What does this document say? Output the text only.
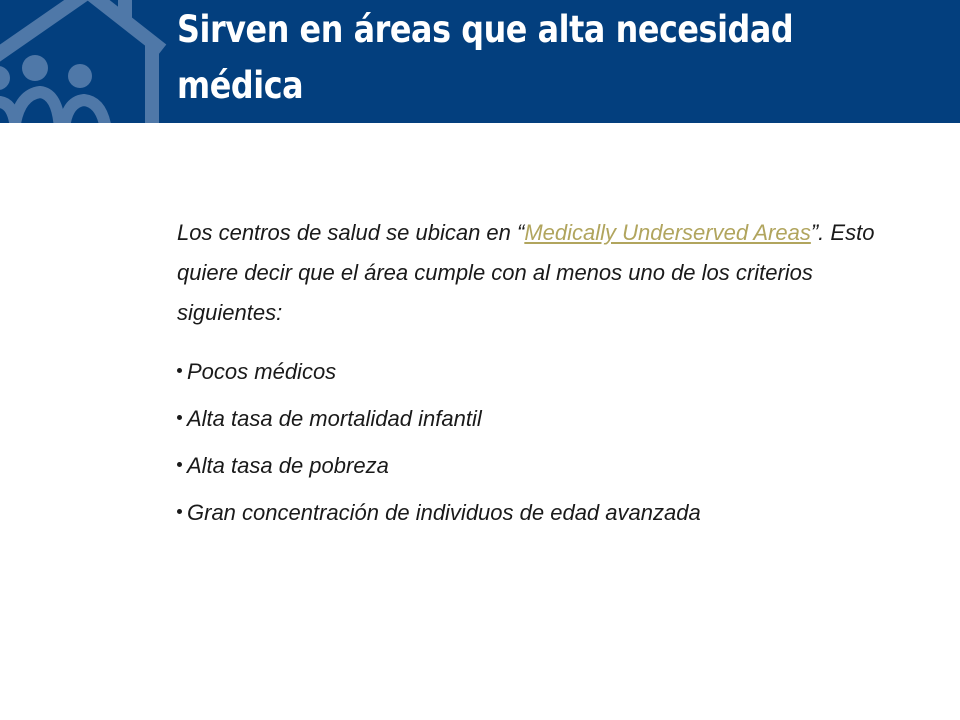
Sirven en áreas que alta necesidad
médica

Los centros de salud se ubican en “Medically Underserved Areas”. Esto quiere decir que el área cumple con al menos uno de los criterios siguientes:

Pocos médicos
Alta tasa de mortalidad infantil
Alta tasa de pobreza
Gran concentración de individuos de edad avanzada
